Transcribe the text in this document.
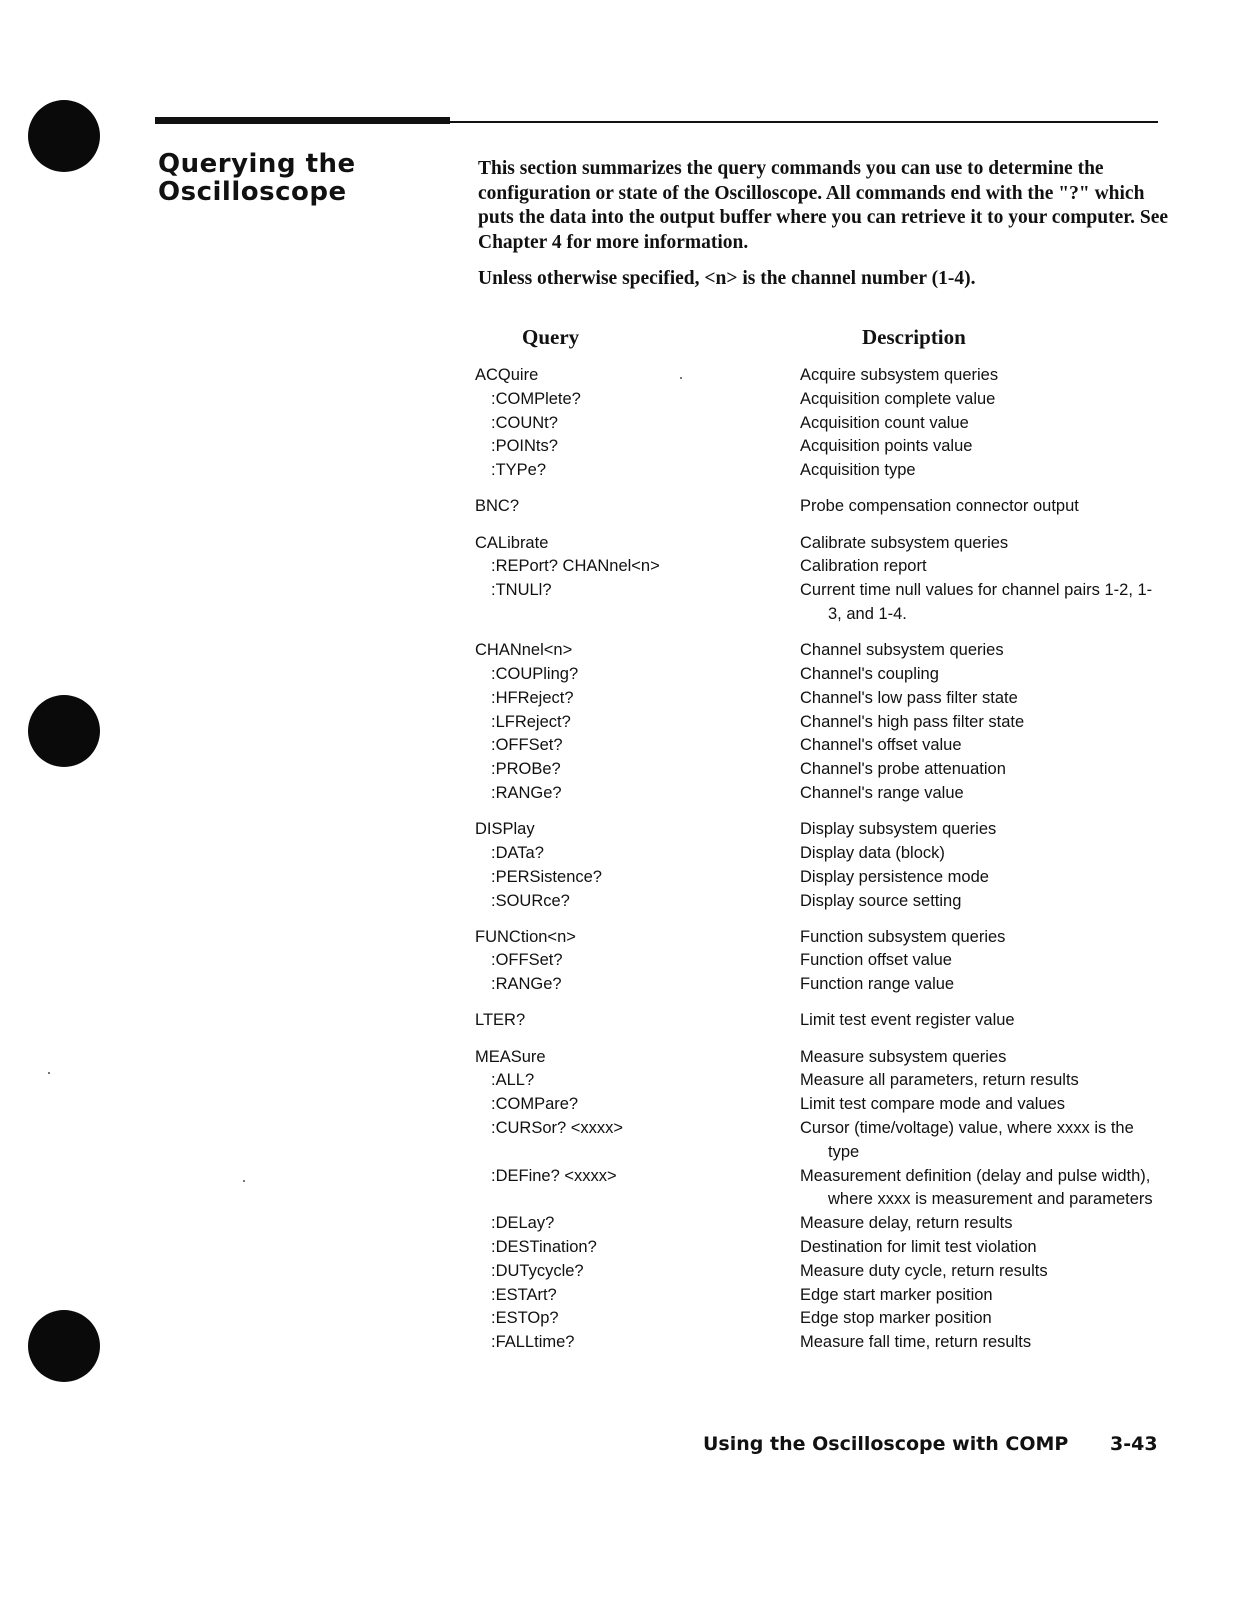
Querying the
Oscilloscope

This section summarizes the query commands you can use to determine the configuration or state of the Oscilloscope. All commands end with the "?" which puts the data into the output buffer where you can retrieve it to your computer. See Chapter 4 for more information.

Unless otherwise specified, <n> is the channel number (1-4).

Query	Description
ACQuire	Acquire subsystem queries
:COMPlete?	Acquisition complete value
:COUNt?	Acquisition count value
:POINts?	Acquisition points value
:TYPe?	Acquisition type
BNC?	Probe compensation connector output
CALibrate	Calibrate subsystem queries
:REPort? CHANnel<n>	Calibration report
:TNULl?	Current time null values for channel pairs 1-2, 1-3, and 1-4.
CHANnel<n>	Channel subsystem queries
:COUPling?	Channel's coupling
:HFReject?	Channel's low pass filter state
:LFReject?	Channel's high pass filter state
:OFFSet?	Channel's offset value
:PROBe?	Channel's probe attenuation
:RANGe?	Channel's range value
DISPlay	Display subsystem queries
:DATa?	Display data (block)
:PERSistence?	Display persistence mode
:SOURce?	Display source setting
FUNCtion<n>	Function subsystem queries
:OFFSet?	Function offset value
:RANGe?	Function range value
LTER?	Limit test event register value
MEASure	Measure subsystem queries
:ALL?	Measure all parameters, return results
:COMPare?	Limit test compare mode and values
:CURSor? <xxxx>	Cursor (time/voltage) value, where xxxx is the type
:DEFine? <xxxx>	Measurement definition (delay and pulse width), where xxxx is measurement and parameters
:DELay?	Measure delay, return results
:DESTination?	Destination for limit test violation
:DUTycycle?	Measure duty cycle, return results
:ESTArt?	Edge start marker position
:ESTOp?	Edge stop marker position
:FALLtime?	Measure fall time, return results
Using the Oscilloscope with COMP 3-43
